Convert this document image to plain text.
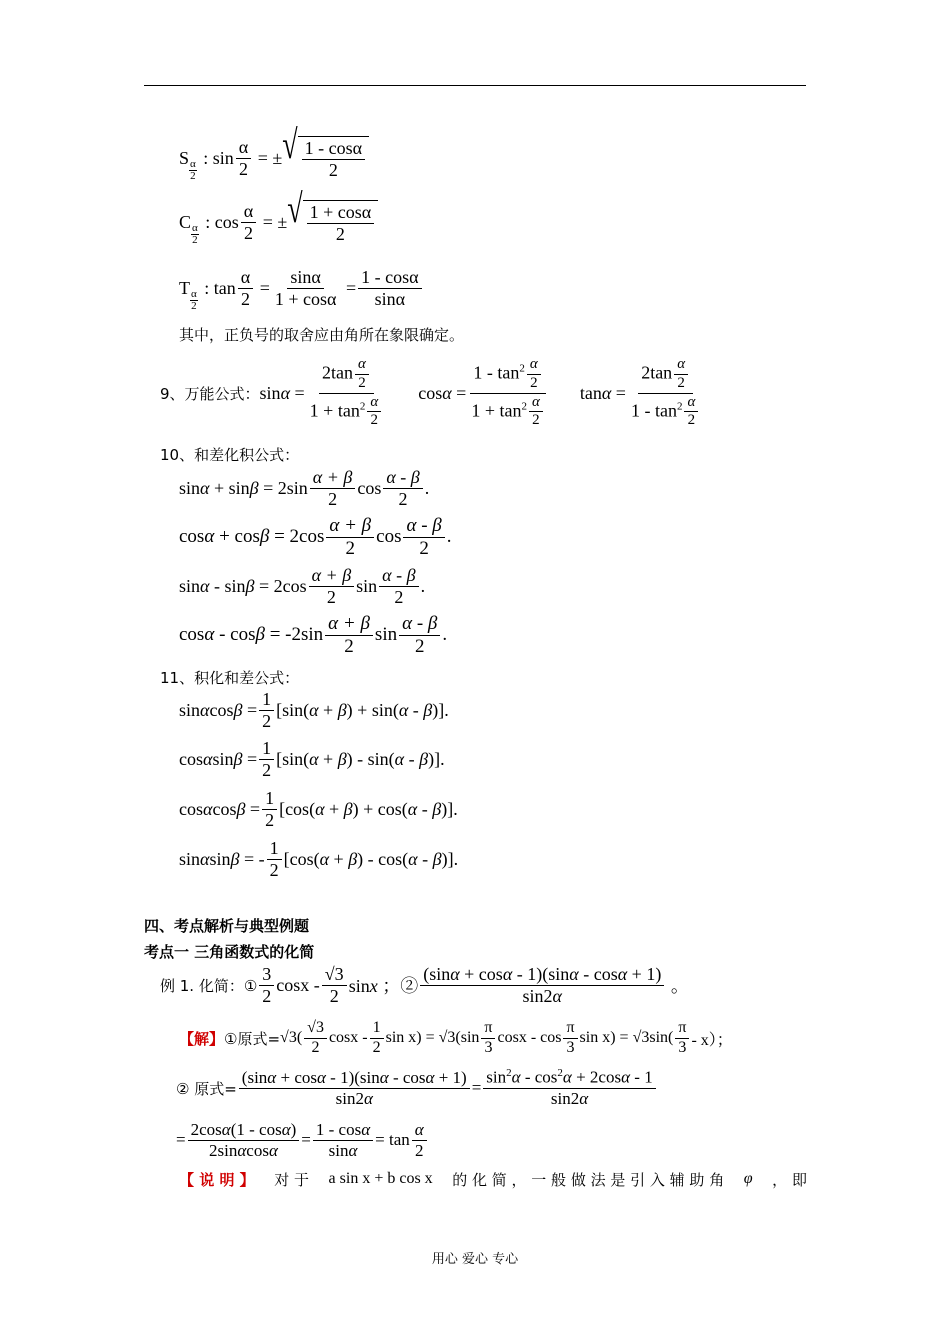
S
$\frac{\alpha}{2}$
: $\sin \frac{\alpha}{2}$ = ± √ $\frac{1 - \cos\alpha}{2}$
C
$\frac{\alpha}{2}$
: $\cos \frac{\alpha}{2}$ = ± √ $\frac{1 + \cos\alpha}{2}$
T
$\frac{\alpha}{2}$
: $\tan \frac{\alpha}{2} = \frac{\sin\alpha}{1 + \cos\alpha} = \frac{1 - \cos\alpha}{\sin\alpha}$
其中，正负号的取舍应由角所在象限确定。
9、万能公式： $\sin\alpha = \frac{2\tan \frac{\alpha}{2}}{1 + \tan^2 \frac{\alpha}{2}}$ $\cos\alpha = \frac{1 - \tan^2 \frac{\alpha}{2}}{1 + \tan^2 \frac{\alpha}{2}}$ $\tan\alpha = \frac{2\tan \frac{\alpha}{2}}{1 - \tan^2 \frac{\alpha}{2}}$
10、和差化积公式：
$\sin\alpha + \sin\beta = 2\sin \frac{\alpha + \beta}{2}$ $\cos \frac{\alpha - \beta}{2}$ .
$\cos\alpha + \cos\beta = 2\cos \frac{\alpha + \beta}{2}$ $\cos \frac{\alpha - \beta}{2}$ .
$\sin\alpha - \sin\beta = 2\cos \frac{\alpha + \beta}{2}$ $\sin \frac{\alpha - \beta}{2}$ .
$\cos\alpha - \cos\beta = -2\sin \frac{\alpha + \beta}{2}$ $\sin \frac{\alpha - \beta}{2}$ .
11、积化和差公式：
$\sin\alpha\cos\beta = \frac{1}{2} [\sin(\alpha + \beta) + \sin(\alpha - \beta)]$.
$\cos\alpha\sin\beta = \frac{1}{2} [\sin(\alpha + \beta) - \sin(\alpha - \beta)]$.
$\cos\alpha\cos\beta = \frac{1}{2} [\cos(\alpha + \beta) + \cos(\alpha - \beta)]$.
sinαsinβ = - $\frac{1}{2} [\cos(\alpha + \beta) - \cos(\alpha - \beta)]$.
四、考点解析与典型例题
考点一 三角函数式的化简
例 1. 化简：① $\frac{3}{2}$ cosx - $\frac{√3}{2}$ sinx ；② $\frac{(\sin\alpha + \cos\alpha - 1)(\sin\alpha - \cos\alpha + 1)}{\sin 2\alpha}$ 。
【解】 ①原式= $√3( \frac{√3}{2}$ cosx - $\frac{1}{2}$ $\sin x) = √3(\sin \frac{\pi}{3}$ cosx - $\cos \frac{\pi}{3}$ $\sin x) = √3\sin( \frac{\pi}{3} - x)$；
② 原式= $\frac{(\sin\alpha + \cos\alpha - 1)(\sin\alpha - \cos\alpha + 1)}{\sin 2\alpha} = \frac{\sin^2\alpha - \cos^2\alpha + 2\cos\alpha - 1}{\sin 2\alpha}$
= $\frac{2\cos\alpha(1 - \cos\alpha)}{2\sin\alpha\cos\alpha} = \frac{1 - \cos\alpha}{\sin\alpha} = \tan \frac{\alpha}{2}$
【 说 明 】 对 于 a sin x + b cos x 的 化 简 ， 一 般 做 法 是 引 入 辅 助 角 φ ， 即
用心 爱心 专心
